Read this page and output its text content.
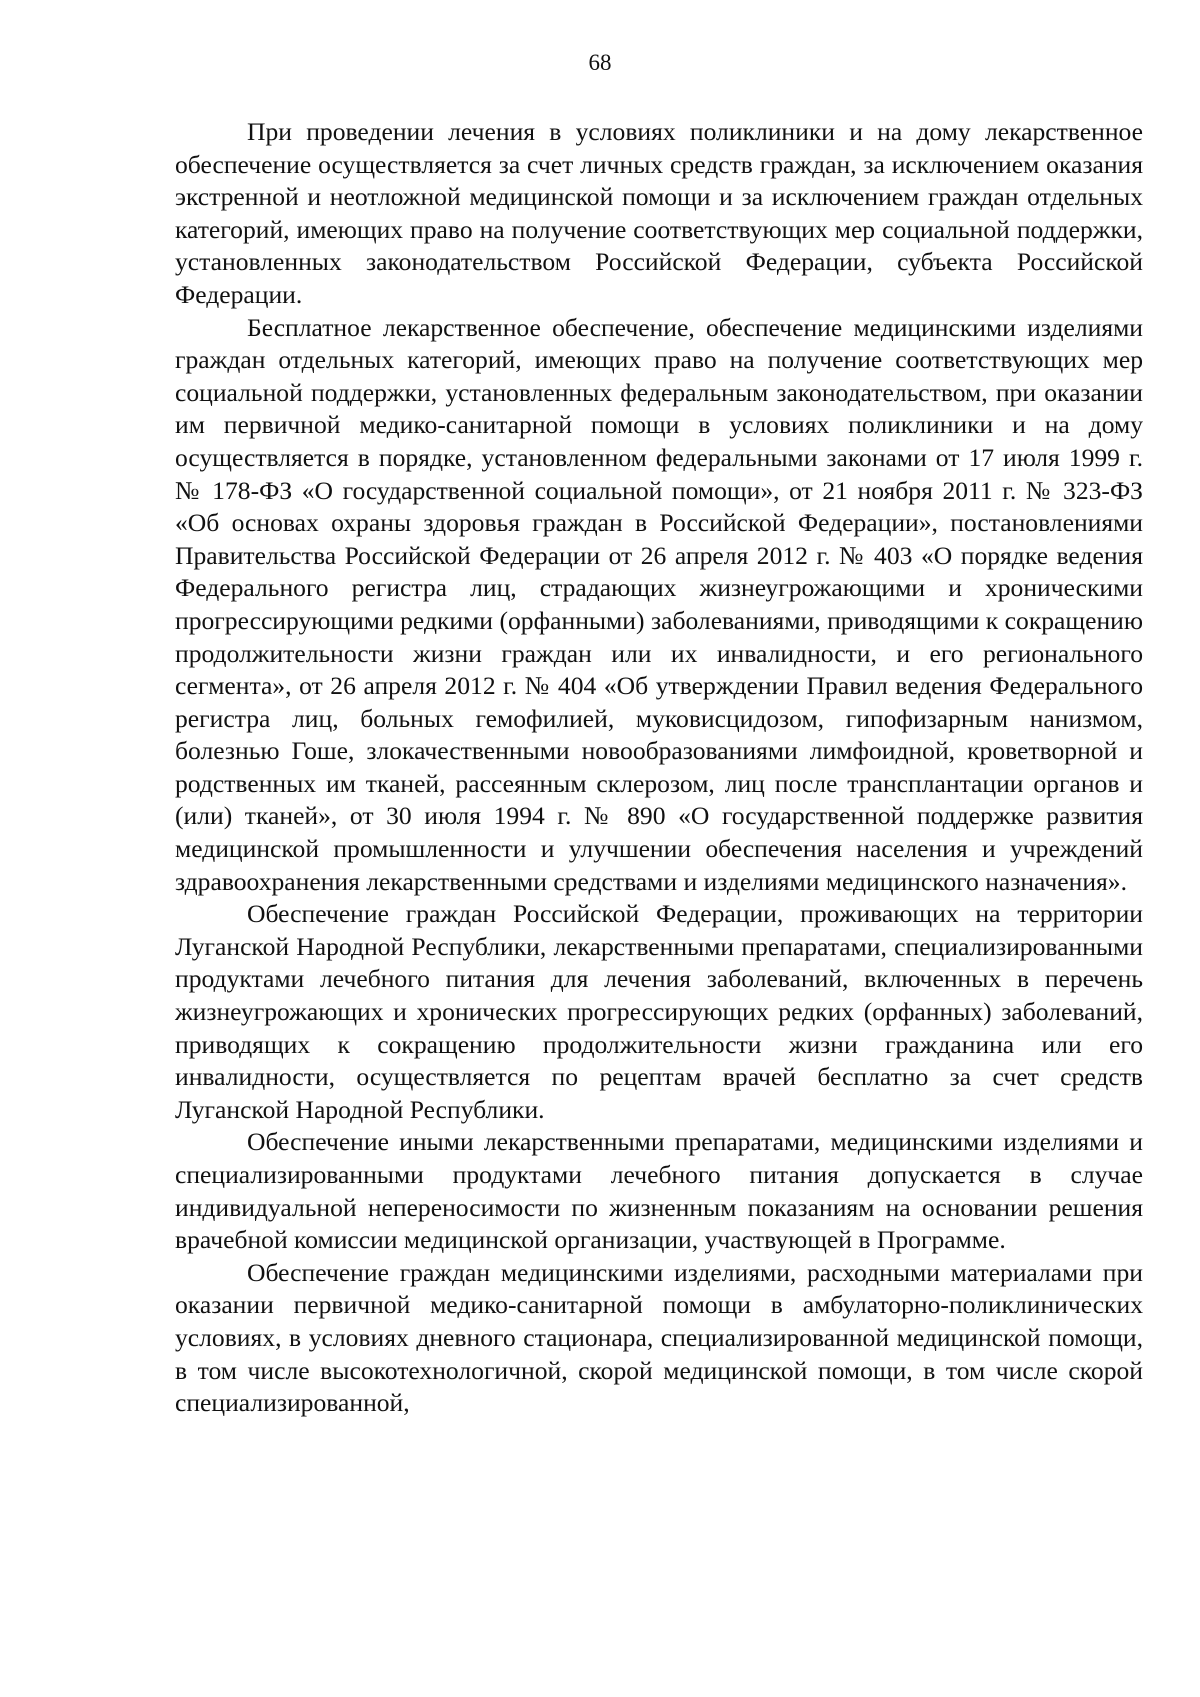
68

При проведении лечения в условиях поликлиники и на дому лекарственное обеспечение осуществляется за счет личных средств граждан, за исключением оказания экстренной и неотложной медицинской помощи и за исключением граждан отдельных категорий, имеющих право на получение соответствующих мер социальной поддержки, установленных законодательством Российской Федерации, субъекта Российской Федерации.

Бесплатное лекарственное обеспечение, обеспечение медицинскими изделиями граждан отдельных категорий, имеющих право на получение соответствующих мер социальной поддержки, установленных федеральным законодательством, при оказании им первичной медико-санитарной помощи в условиях поликлиники и на дому осуществляется в порядке, установленном федеральными законами от 17 июля 1999 г. № 178-ФЗ «О государственной социальной помощи», от 21 ноября 2011 г. № 323-ФЗ «Об основах охраны здоровья граждан в Российской Федерации», постановлениями Правительства Российской Федерации от 26 апреля 2012 г. № 403 «О порядке ведения Федерального регистра лиц, страдающих жизнеугрожающими и хроническими прогрессирующими редкими (орфанными) заболеваниями, приводящими к сокращению продолжительности жизни граждан или их инвалидности, и его регионального сегмента», от 26 апреля 2012 г. № 404 «Об утверждении Правил ведения Федерального регистра лиц, больных гемофилией, муковисцидозом, гипофизарным нанизмом, болезнью Гоше, злокачественными новообразованиями лимфоидной, кроветворной и родственных им тканей, рассеянным склерозом, лиц после трансплантации органов и (или) тканей», от 30 июля 1994 г. № 890 «О государственной поддержке развития медицинской промышленности и улучшении обеспечения населения и учреждений здравоохранения лекарственными средствами и изделиями медицинского назначения».

Обеспечение граждан Российской Федерации, проживающих на территории Луганской Народной Республики, лекарственными препаратами, специализированными продуктами лечебного питания для лечения заболеваний, включенных в перечень жизнеугрожающих и хронических прогрессирующих редких (орфанных) заболеваний, приводящих к сокращению продолжительности жизни гражданина или его инвалидности, осуществляется по рецептам врачей бесплатно за счет средств Луганской Народной Республики.

Обеспечение иными лекарственными препаратами, медицинскими изделиями и специализированными продуктами лечебного питания допускается в случае индивидуальной непереносимости по жизненным показаниям на основании решения врачебной комиссии медицинской организации, участвующей в Программе.

Обеспечение граждан медицинскими изделиями, расходными материалами при оказании первичной медико-санитарной помощи в амбулаторно-поликлинических условиях, в условиях дневного стационара, специализированной медицинской помощи, в том числе высокотехнологичной, скорой медицинской помощи, в том числе скорой специализированной,
